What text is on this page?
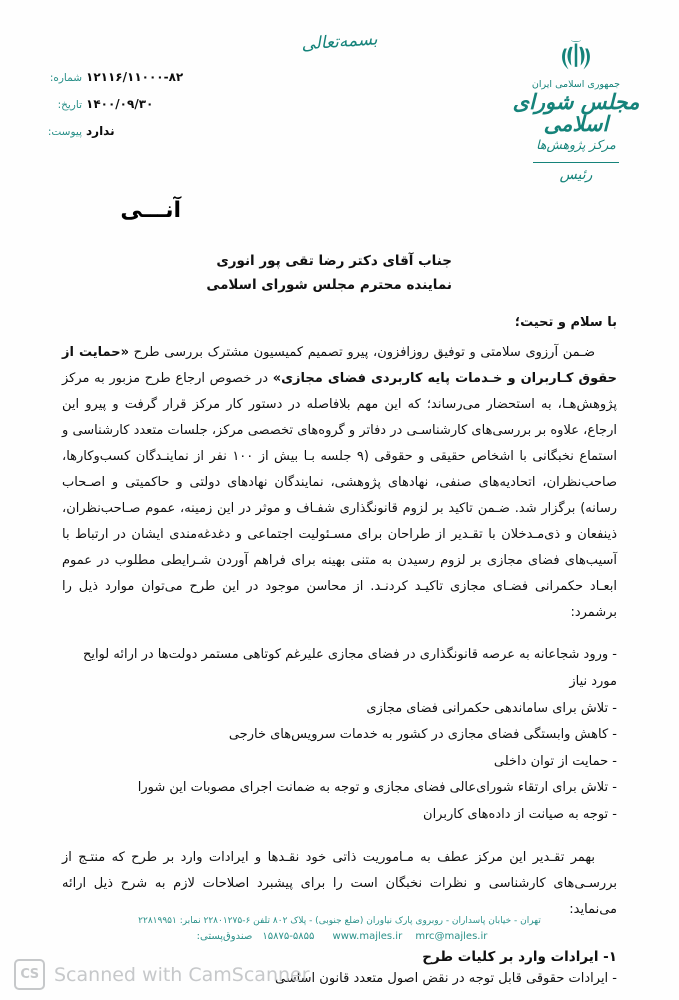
بسمه‌تعالی
جمهوری اسلامی ایران
مجلس شورای اسلامی
مرکز پژوهش‌ها
رئیس
شماره: ۱۲۱۱۶/۱۱۰۰۰-۸۲
تاریخ: ۱۴۰۰/۰۹/۳۰
پیوست: ندارد
آنـــی
جناب آقای دکتر رضا تقی پور انوری
نماینده محترم مجلس شورای اسلامی
با سلام و تحیت؛

ضـمن آرزوی سلامتی و توفیق روزافزون، پیرو تصمیم کمیسیون مشترک بررسی طرح «حمایت از حقوق کـاربران و خـدمات پایه کاربردی فضای مجازی» در خصوص ارجاع طرح مزبور به مرکز پژوهش‌هـا، به استحضار می‌رساند؛ که این مهم بلافاصله در دستور کار مرکز قرار گرفت و پیرو این ارجاع، علاوه بر بررسی‌های کارشناسـی در دفاتر و گروه‌های تخصصی مرکز، جلسات متعدد کارشناسی و استماع نخبگانی با اشخاص حقیقی و حقوقی (۹ جلسه بـا بیش از ۱۰۰ نفر از نماینـدگان کسب‌وکارها، صاحب‌نظران، اتحادیه‌های صنفی، نهادهای پژوهشی، نمایندگان نهادهای دولتی و حاکمیتی و اصـحاب رسانه) برگزار شد. ضـمن تاکید بر لزوم قانونگذاری شفـاف و موثر در این زمینه، عموم صـاحب‌نظران، ذینفعان و ذی‌مـدخلان با تقـدیر از طراحان برای مسـئولیت اجتماعی و دغدغه‌مندی ایشان در ارتباط با آسیب‌های فضای مجازی بر لزوم رسیدن به متنی بهینه برای فراهم آوردن شـرایطی مطلوب در عموم ابعـاد حکمرانی فضـای مجازی تاکیـد کردنـد. از محاسن موجود در این طرح می‌توان موارد ذیل را برشمرد:

- ورود شجاعانه به عرصه قانونگذاری در فضای مجازی علیرغم کوتاهی مستمر دولت‌ها در ارائه لوایح مورد نیاز
- تلاش برای ساماندهی حکمرانی فضای مجازی
- کاهش وابستگی فضای مجازی در کشور به خدمات سرویس‌های خارجی
- حمایت از توان داخلی
- تلاش برای ارتقاء شورای‌عالی فضای مجازی و توجه به ضمانت اجرای مصوبات این شورا
- توجه به صیانت از داده‌های کاربران

بهمر تقـدیر این مرکز عطف به مـاموریت ذاتی خود نقـدها و ایرادات وارد بر طرح که منتـج از بررسـی‌های کارشناسی و نظرات نخبگان است را برای پیشبرد اصلاحات لازم به شرح ذیل ارائه می‌نماید:

۱- ایرادات وارد بر کلیات طرح
- ایرادات حقوقی قابل توجه در نقض اصول متعدد قانون اساسی
تهران - خیابان پاسداران - روبروی پارک نیاوران (ضلع جنوبی) - پلاک ۸۰۲ تلفن ۶-۲۲۸۰۱۲۷۵ نمابر: ۲۲۸۱۹۹۵۱
mrc@majles.ir www.majles.ir ۱۵۸۷۵-۵۸۵۵صندوق‌پستی:
CS Scanned with CamScanner
